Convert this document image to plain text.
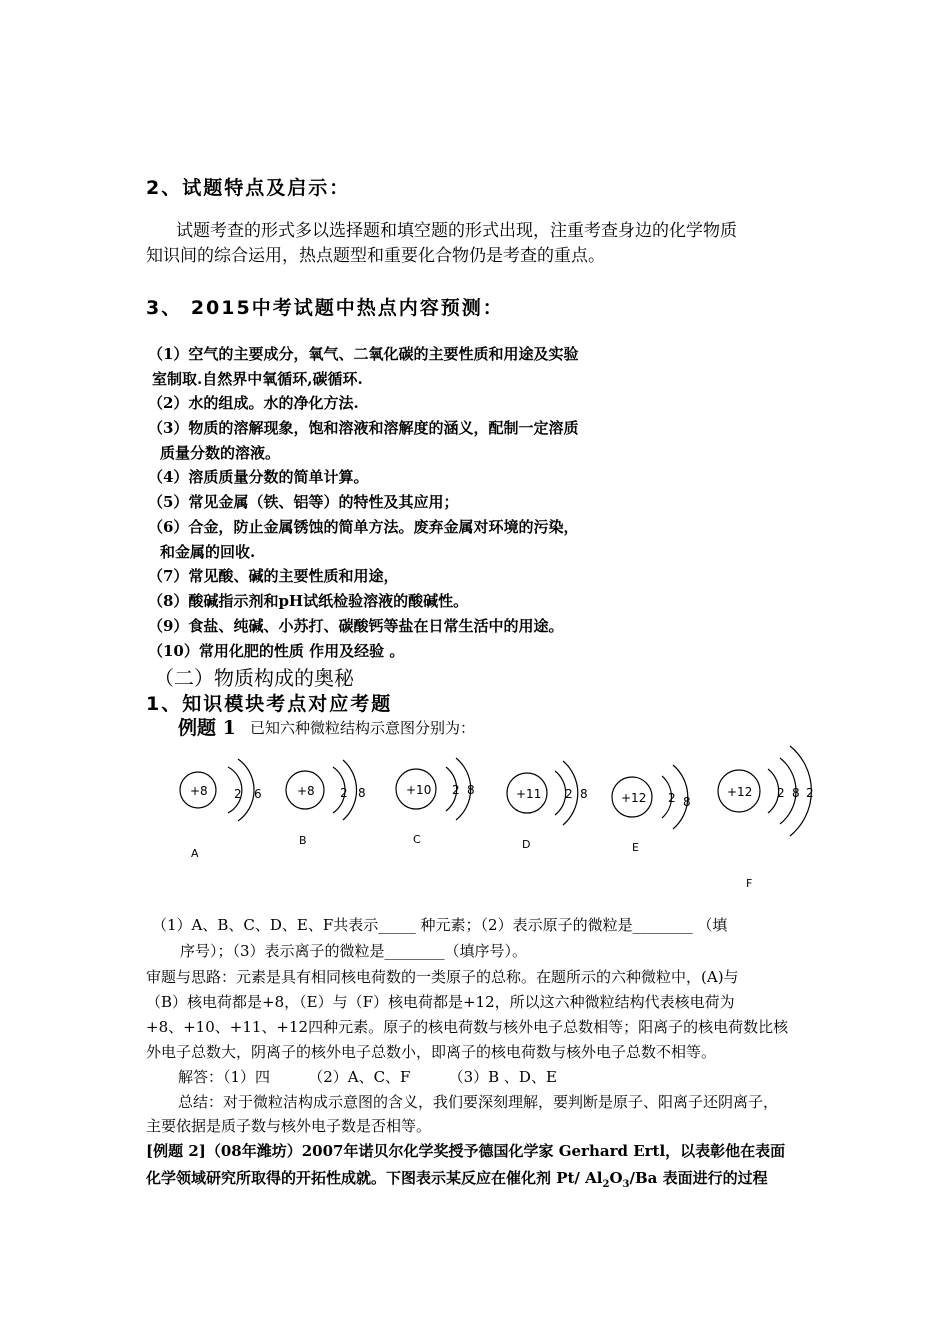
2、试题特点及启示：
试题考查的形式多以选择题和填空题的形式出现，注重考查身边的化学物质
知识间的综合运用，热点题型和重要化合物仍是考查的重点。
3、 2015中考试题中热点内容预测：
（1）空气的主要成分，氧气、二氧化碳的主要性质和用途及实验
室制取.自然界中氧循环,碳循环.
（2）水的组成。水的净化方法.
（3）物质的溶解现象，饱和溶液和溶解度的涵义，配制一定溶质
质量分数的溶液。
（4）溶质质量分数的简单计算。
（5）常见金属（铁、铝等）的特性及其应用；
（6）合金，防止金属锈蚀的简单方法。废弃金属对环境的污染，
和金属的回收.
（7）常见酸、碱的主要性质和用途，
（8）酸碱指示剂和pH试纸检验溶液的酸碱性。
（9）食盐、纯碱、小苏打、碳酸钙等盐在日常生活中的用途。
（10）常用化肥的性质 作用及经验 。
（二）物质构成的奥秘
1、知识模块考点对应考题
例题 1 已知六种微粒结构示意图分别为：
+8 2 6
A
+8 2 8
B
+10 2 8
C
+11 2 8
D
+12 2 8
E
+12 2 8 2
F
（1）A、B、C、D、E、F共表示_____ 种元素；（2）表示原子的微粒是________ （填
序号）；（3）表示离子的微粒是________（填序号）。
审题与思路：元素是具有相同核电荷数的一类原子的总称。在题所示的六种微粒中，(A)与
（B）核电荷都是+8，（E）与（F）核电荷都是+12，所以这六种微粒结构代表核电荷为
+8、+10、+11、+12四种元素。原子的核电荷数与核外电子总数相等；阳离子的核电荷数比核
外电子总数大，阴离子的核外电子总数小，即离子的核电荷数与核外电子总数不相等。
解答：（1）四        （2）A、C、F        （3）B 、D、E
总结：对于微粒洁构成示意图的含义，我们要深刻理解，要判断是原子、阳离子还阴离子，
主要依据是质子数与核外电子数是否相等。
[例题 2]（08年潍坊）2007年诺贝尔化学奖授予德国化学家 Gerhard Ertl，以表彰他在表面
化学领域研究所取得的开拓性成就。下图表示某反应在催化剂 Pt/ $Al_2O_3/Ba$ 表面进行的过程
